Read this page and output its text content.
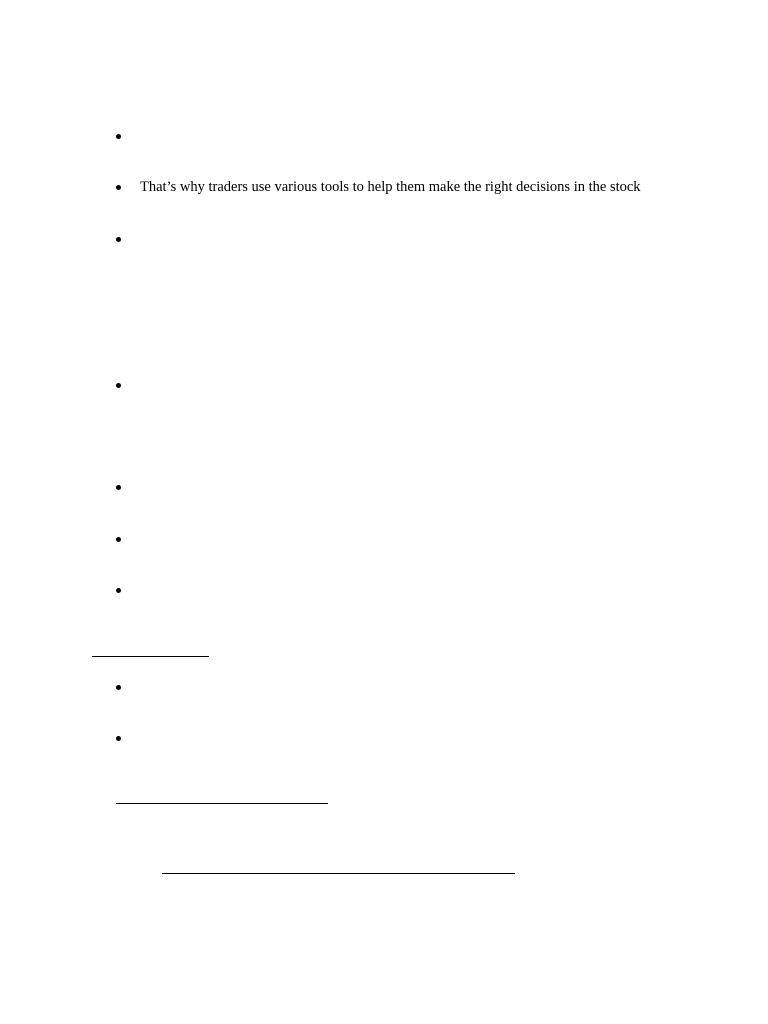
That’s why traders use various tools to help them make the right decisions in the stock
